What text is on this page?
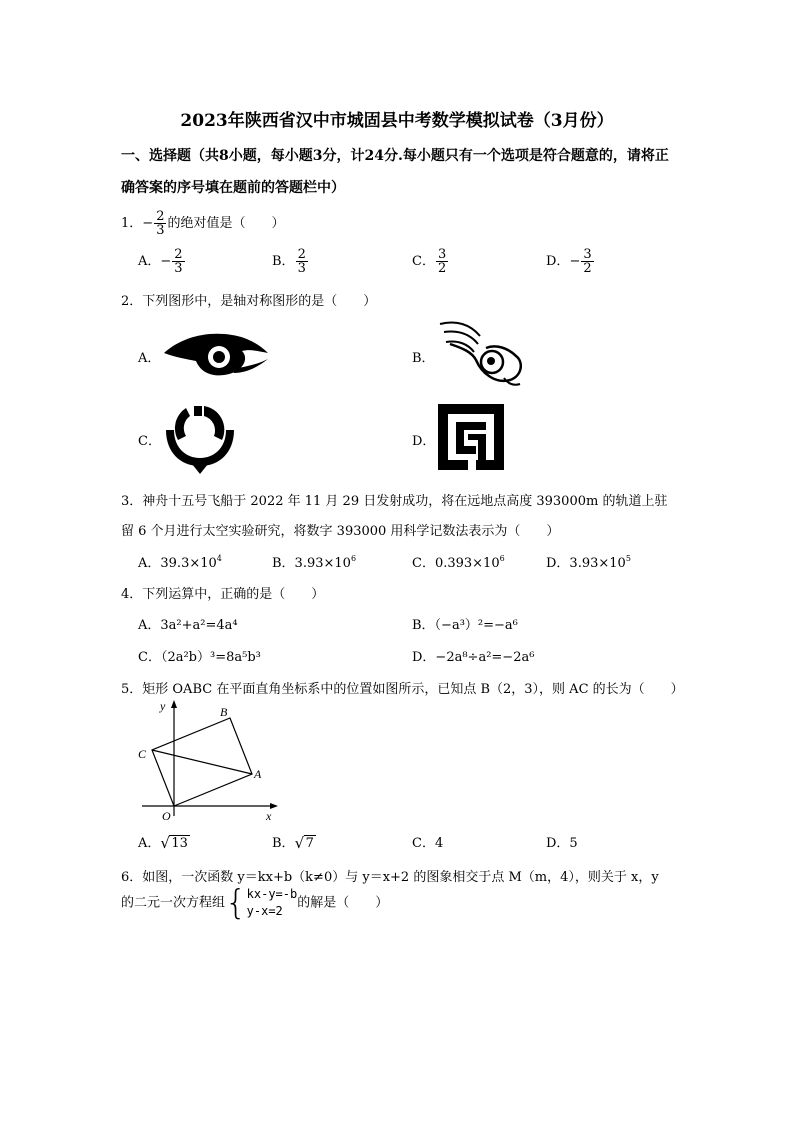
2023年陕西省汉中市城固县中考数学模拟试卷（3月份）
一、选择题（共8小题，每小题3分，计24分.每小题只有一个选项是符合题意的，请将正
确答案的序号填在题前的答题栏中）
1．− $\frac{2}{3}$ 的绝对值是（　　）
A．− $\frac{2}{3}$	B． $\frac{2}{3}$	C． $\frac{3}{2}$	D．− $\frac{3}{2}$
2．下列图形中，是轴对称图形的是（　　）
A．	B．
C．	D．
3．神舟十五号飞船于 2022 年 11 月 29 日发射成功，将在远地点高度 393000m 的轨道上驻
留 6 个月进行太空实验研究，将数字 393000 用科学记数法表示为（　　）
A．$39.3\times 10^4$	B．$3.93\times 10^6$	C．$0.393\times 10^6$	D．$3.93\times 10^5$
4．下列运算中，正确的是（　　）
A．3a²+a²=4a⁴	B．（−a³）²=−a⁶
C．（2a²b）³=8a⁵b³	D．−2a⁸÷a²=−2a⁶
5．矩形 OABC 在平面直角坐标系中的位置如图所示，已知点 B（2，3），则 AC 的长为（　　）
y
x
O
A
B
C
A． √ 13	B． √ 7	C．4	D．5
6．如图，一次函数 y＝kx+b（k≠0）与 y＝x+2 的图象相交于点 M（m，4），则关于 x，y
的二元一次方程组{ kx-y=-b
y-x=2
的解是（　　）
